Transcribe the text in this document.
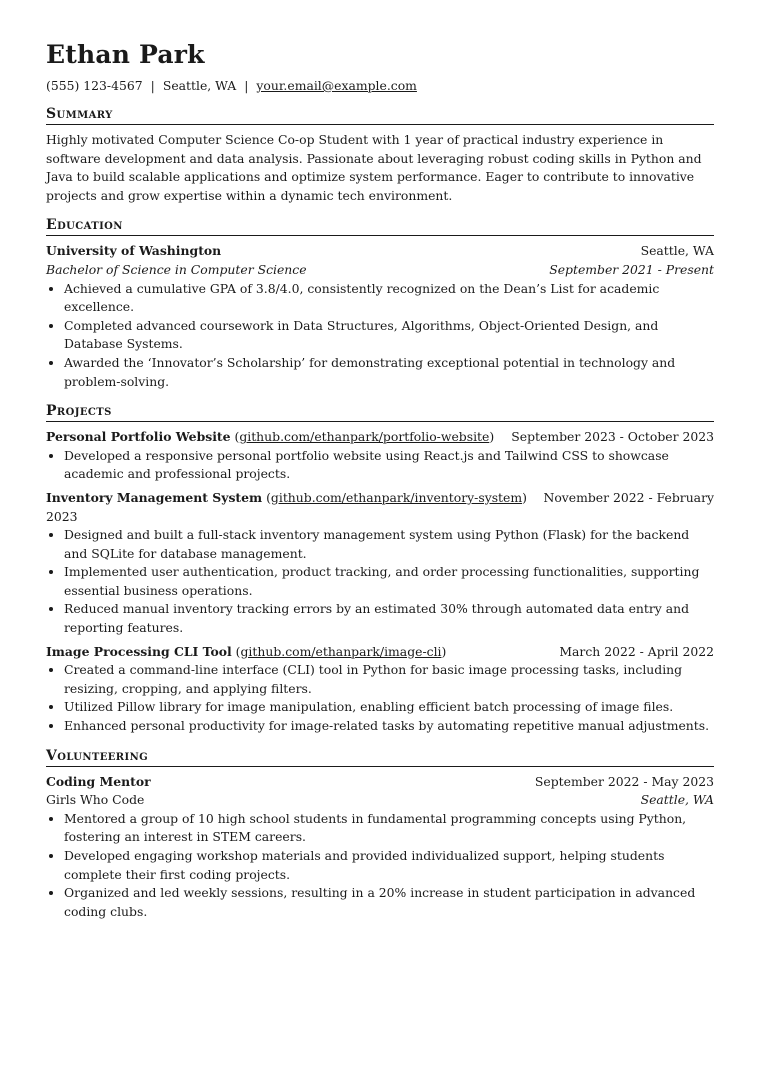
Ethan Park
(555) 123-4567 | Seattle, WA | your.email@example.com
Summary

Highly motivated Computer Science Co-op Student with 1 year of practical industry experience in software development and data analysis. Passionate about leveraging robust coding skills in Python and Java to build scalable applications and optimize system performance. Eager to contribute to innovative projects and grow expertise within a dynamic tech environment.

Education
University of Washington	Seattle, WA
Bachelor of Science in Computer Science	September 2021 - Present
• Achieved a cumulative GPA of 3.8/4.0, consistently recognized on the Dean’s List for academic excellence.
• Completed advanced coursework in Data Structures, Algorithms, Object-Oriented Design, and Database Systems.
• Awarded the ‘Innovator’s Scholarship’ for demonstrating exceptional potential in technology and problem-solving.
Projects
Personal Portfolio Website (github.com/ethanpark/portfolio-website) September 2023 - October 2023
• Developed a responsive personal portfolio website using React.js and Tailwind CSS to showcase academic and professional projects.
Inventory Management System (github.com/ethanpark/inventory-system) November 2022 - February
2023
• Designed and built a full-stack inventory management system using Python (Flask) for the backend and SQLite for database management.
• Implemented user authentication, product tracking, and order processing functionalities, supporting essential business operations.
• Reduced manual inventory tracking errors by an estimated 30% through automated data entry and reporting features.
Image Processing CLI Tool (github.com/ethanpark/image-cli)	March 2022 - April 2022
• Created a command-line interface (CLI) tool in Python for basic image processing tasks, including resizing, cropping, and applying filters.
• Utilized Pillow library for image manipulation, enabling efficient batch processing of image files.
• Enhanced personal productivity for image-related tasks by automating repetitive manual adjustments.
Volunteering
Coding Mentor	September 2022 - May 2023
Girls Who Code	Seattle, WA
• Mentored a group of 10 high school students in fundamental programming concepts using Python, fostering an interest in STEM careers.
• Developed engaging workshop materials and provided individualized support, helping students complete their first coding projects.
• Organized and led weekly sessions, resulting in a 20% increase in student participation in advanced coding clubs.
